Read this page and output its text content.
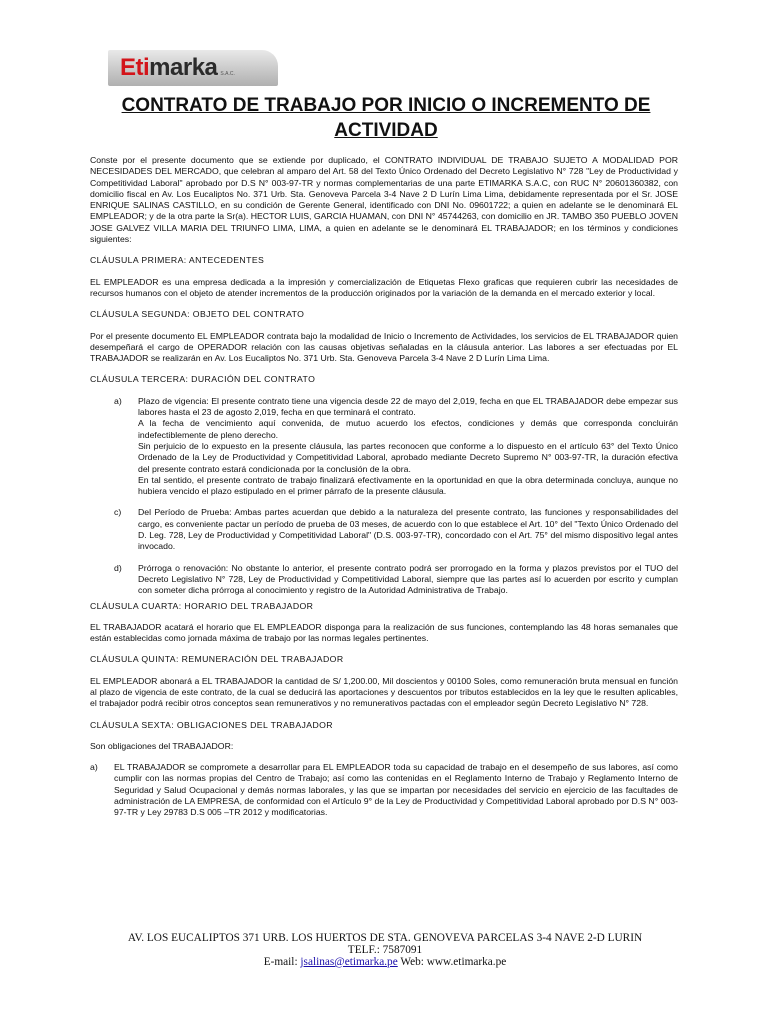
Etimarka S.A.C.
CONTRATO DE TRABAJO POR INICIO O INCREMENTO DE ACTIVIDAD

Conste por el presente documento que se extiende por duplicado, el CONTRATO INDIVIDUAL DE TRABAJO SUJETO A MODALIDAD POR NECESIDADES DEL MERCADO, que celebran al amparo del Art. 58 del Texto Único Ordenado del Decreto Legislativo N° 728 "Ley de Productividad y Competitividad Laboral" aprobado por D.S N° 003-97-TR y normas complementarias de una parte ETIMARKA S.A.C, con RUC N° 20601360382, con domicilio fiscal en Av. Los Eucaliptos No. 371 Urb. Sta. Genoveva Parcela 3-4 Nave 2 D Lurín Lima Lima, debidamente representada por el Sr. JOSE ENRIQUE SALINAS CASTILLO, en su condición de Gerente General, identificado con DNI No. 09601722; a quien en adelante se le denominará EL EMPLEADOR; y de la otra parte la Sr(a). HECTOR LUIS, GARCIA HUAMAN, con DNI N° 45744263, con domicilio en JR. TAMBO 350 PUEBLO JOVEN JOSE GALVEZ VILLA MARIA DEL TRIUNFO LIMA, LIMA, a quien en adelante se le denominará EL TRABAJADOR; en los términos y condiciones siguientes:

CLÁUSULA PRIMERA: ANTECEDENTES

EL EMPLEADOR es una empresa dedicada a la impresión y comercialización de Etiquetas Flexo graficas que requieren cubrir las necesidades de recursos humanos con el objeto de atender incrementos de la producción originados por la variación de la demanda en el mercado exterior y local.

CLÁUSULA SEGUNDA: OBJETO DEL CONTRATO

Por el presente documento EL EMPLEADOR contrata bajo la modalidad de Inicio o Incremento de Actividades, los servicios de EL TRABAJADOR quien desempeñará el cargo de OPERADOR relación con las causas objetivas señaladas en la cláusula anterior. Las labores a ser efectuadas por EL TRABAJADOR se realizarán en Av. Los Eucaliptos No. 371 Urb. Sta. Genoveva Parcela 3-4 Nave 2 D Lurín Lima Lima.

CLÁUSULA TERCERA: DURACIÓN DEL CONTRATO

a)	Plazo de vigencia: El presente contrato tiene una vigencia desde 22 de mayo del 2,019, fecha en que EL TRABAJADOR debe empezar sus labores hasta el 23 de agosto 2,019, fecha en que terminará el contrato.

A la fecha de vencimiento aquí convenida, de mutuo acuerdo los efectos, condiciones y demás que corresponda concluirán indefectiblemente de pleno derecho.

Sin perjuicio de lo expuesto en la presente cláusula, las partes reconocen que conforme a lo dispuesto en el artículo 63° del Texto Único Ordenado de la Ley de Productividad y Competitividad Laboral, aprobado mediante Decreto Supremo N° 003-97-TR, la duración efectiva del presente contrato estará condicionada por la conclusión de la obra.

En tal sentido, el presente contrato de trabajo finalizará efectivamente en la oportunidad en que la obra determinada concluya, aunque no hubiera vencido el plazo estipulado en el primer párrafo de la presente cláusula.

c)	Del Período de Prueba: Ambas partes acuerdan que debido a la naturaleza del presente contrato, las funciones y responsabilidades del cargo, es conveniente pactar un período de prueba de 03 meses, de acuerdo con lo que establece el Art. 10° del "Texto Único Ordenado del D. Leg. 728, Ley de Productividad y Competitividad Laboral" (D.S. 003-97-TR), concordado con el Art. 75° del mismo dispositivo legal antes invocado.

d)	Prórroga o renovación: No obstante lo anterior, el presente contrato podrá ser prorrogado en la forma y plazos previstos por el TUO del Decreto Legislativo N° 728, Ley de Productividad y Competitividad Laboral, siempre que las partes así lo acuerden por escrito y cumplan con someter dicha prórroga al conocimiento y registro de la Autoridad Administrativa de Trabajo.

CLÁUSULA CUARTA: HORARIO DEL TRABAJADOR

EL TRABAJADOR acatará el horario que EL EMPLEADOR disponga para la realización de sus funciones, contemplando las 48 horas semanales que están establecidas como jornada máxima de trabajo por las normas legales pertinentes.

CLÁUSULA QUINTA: REMUNERACIÓN DEL TRABAJADOR

EL EMPLEADOR abonará a EL TRABAJADOR la cantidad de S/ 1,200.00, Mil doscientos y 00100 Soles, como remuneración bruta mensual en función al plazo de vigencia de este contrato, de la cual se deducirá las aportaciones y descuentos por tributos establecidos en la ley que le resulten aplicables, el trabajador podrá recibir otros conceptos sean remunerativos y no remunerativos pactadas con el empleador según Decreto Legislativo N° 728.

CLÁUSULA SEXTA: OBLIGACIONES DEL TRABAJADOR

Son obligaciones del TRABAJADOR:

a)	EL TRABAJADOR se compromete a desarrollar para EL EMPLEADOR toda su capacidad de trabajo en el desempeño de sus labores, así como cumplir con las normas propias del Centro de Trabajo; así como las contenidas en el Reglamento Interno de Trabajo y Reglamento Interno de Seguridad y Salud Ocupacional y demás normas laborales, y las que se impartan por necesidades del servicio en ejercicio de las facultades de administración de LA EMPRESA, de conformidad con el Artículo 9° de la Ley de Productividad y Competitividad Laboral aprobado por D.S N° 003-97-TR y Ley 29783 D.S 005 –TR 2012 y modificatorias.

AV. LOS EUCALIPTOS 371 URB. LOS HUERTOS DE STA. GENOVEVA PARCELAS 3-4 NAVE 2-D LURIN
TELF.: 7587091
E-mail: jsalinas@etimarka.pe Web: www.etimarka.pe
